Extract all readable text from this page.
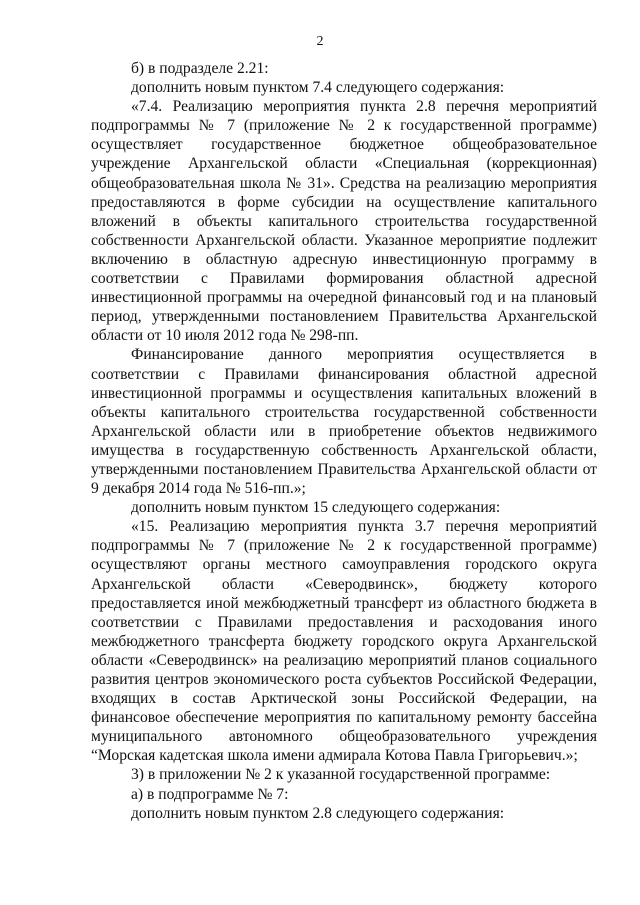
2

б) в подразделе 2.21:

дополнить новым пунктом 7.4 следующего содержания:

«7.4. Реализацию мероприятия пункта 2.8 перечня мероприятий подпрограммы № 7 (приложение № 2 к государственной программе) осуществляет государственное бюджетное общеобразовательное учреждение Архангельской области «Специальная (коррекционная) общеобразовательная школа № 31». Средства на реализацию мероприятия предоставляются в форме субсидии на осуществление капитального вложений в объекты капитального строительства государственной собственности Архангельской области. Указанное мероприятие подлежит включению в областную адресную инвестиционную программу в соответствии с Правилами формирования областной адресной инвестиционной программы на очередной финансовый год и на плановый период, утвержденными постановлением Правительства Архангельской области от 10 июля 2012 года № 298-пп.

Финансирование данного мероприятия осуществляется в соответствии с Правилами финансирования областной адресной инвестиционной программы и осуществления капитальных вложений в объекты капитального строительства государственной собственности Архангельской области или в приобретение объектов недвижимого имущества в государственную собственность Архангельской области, утвержденными постановлением Правительства Архангельской области от 9 декабря 2014 года № 516-пп.»;

дополнить новым пунктом 15 следующего содержания:

«15. Реализацию мероприятия пункта 3.7 перечня мероприятий подпрограммы № 7 (приложение № 2 к государственной программе) осуществляют органы местного самоуправления городского округа Архангельской области «Северодвинск», бюджету которого предоставляется иной межбюджетный трансферт из областного бюджета в соответствии с Правилами предоставления и расходования иного межбюджетного трансферта бюджету городского округа Архангельской области «Северодвинск» на реализацию мероприятий планов социального развития центров экономического роста субъектов Российской Федерации, входящих в состав Арктической зоны Российской Федерации, на финансовое обеспечение мероприятия по капитальному ремонту бассейна муниципального автономного общеобразовательного учреждения “Морская кадетская школа имени адмирала Котова Павла Григорьевич.»;

3) в приложении № 2 к указанной государственной программе:

а) в подпрограмме № 7:

дополнить новым пунктом 2.8 следующего содержания:
